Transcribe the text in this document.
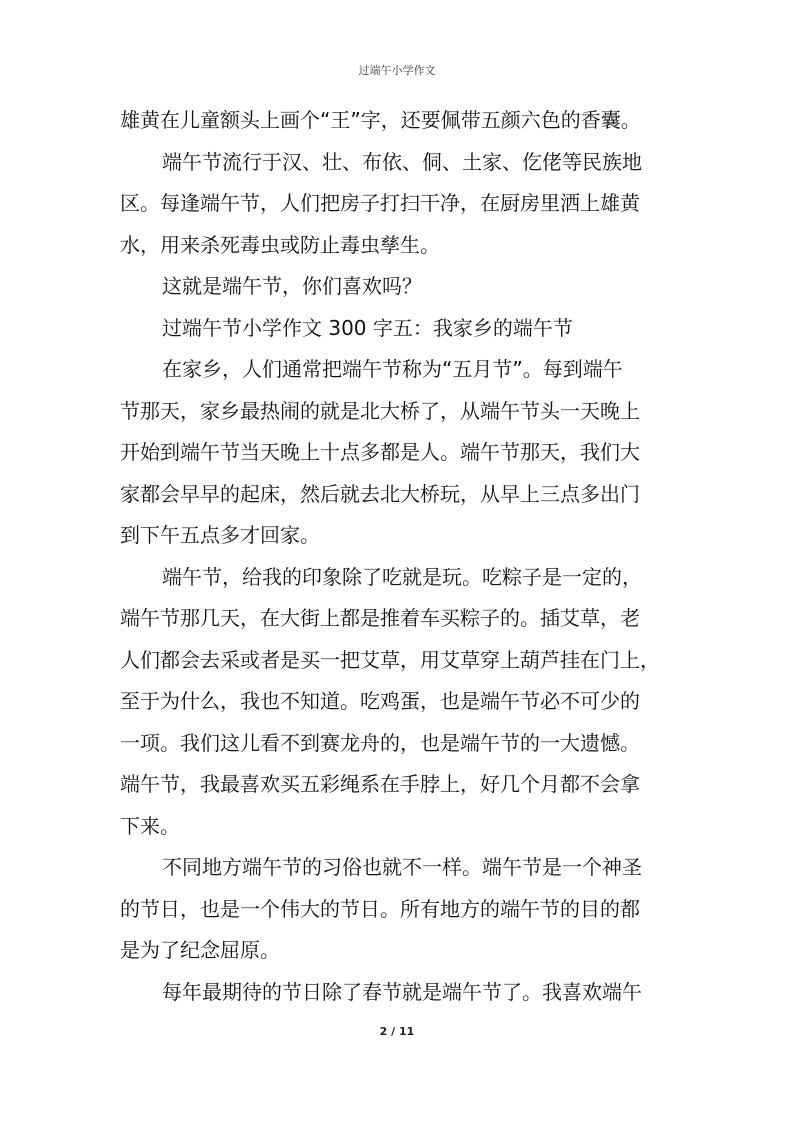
过端午小学作文
雄黄在儿童额头上画个“王”字，还要佩带五颜六色的香囊。
端午节流行于汉、壮、布依、侗、土家、仡佬等民族地
区。每逢端午节，人们把房子打扫干净，在厨房里洒上雄黄
水，用来杀死毒虫或防止毒虫孳生。
这就是端午节，你们喜欢吗？
过端午节小学作文 300 字五：我家乡的端午节
在家乡，人们通常把端午节称为“五月节”。每到端午
节那天，家乡最热闹的就是北大桥了，从端午节头一天晚上
开始到端午节当天晚上十点多都是人。端午节那天，我们大
家都会早早的起床，然后就去北大桥玩，从早上三点多出门
到下午五点多才回家。
端午节，给我的印象除了吃就是玩。吃粽子是一定的，
端午节那几天，在大街上都是推着车买粽子的。插艾草，老
人们都会去采或者是买一把艾草，用艾草穿上葫芦挂在门上，
至于为什么，我也不知道。吃鸡蛋，也是端午节必不可少的
一项。我们这儿看不到赛龙舟的，也是端午节的一大遗憾。
端午节，我最喜欢买五彩绳系在手脖上，好几个月都不会拿
下来。
不同地方端午节的习俗也就不一样。端午节是一个神圣
的节日，也是一个伟大的节日。所有地方的端午节的目的都
是为了纪念屈原。
每年最期待的节日除了春节就是端午节了。我喜欢端午
2 / 11
